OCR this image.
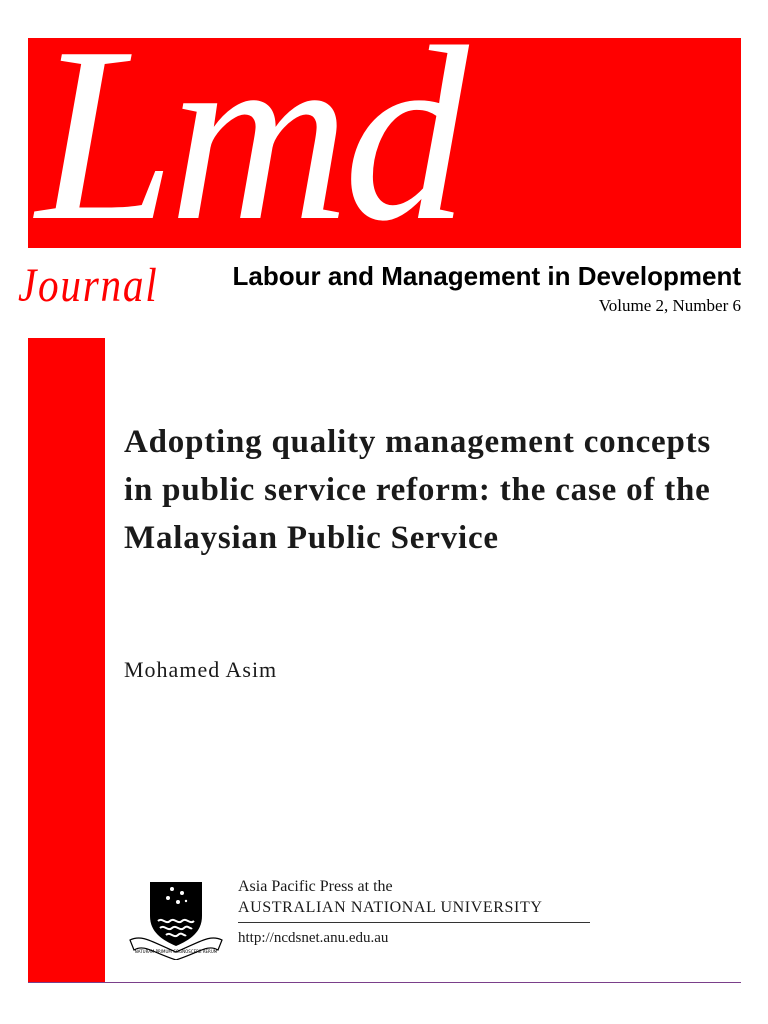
Lmd
Journal	Labour and Management in Development
Volume 2, Number 6
Adopting quality management concepts in public service reform: the case of the Malaysian Public Service
Mohamed Asim
NATURAM PRIMUM COGNOSCERE RERUM
Asia Pacific Press at the
AUSTRALIAN NATIONAL UNIVERSITY
http://ncdsnet.anu.edu.au
